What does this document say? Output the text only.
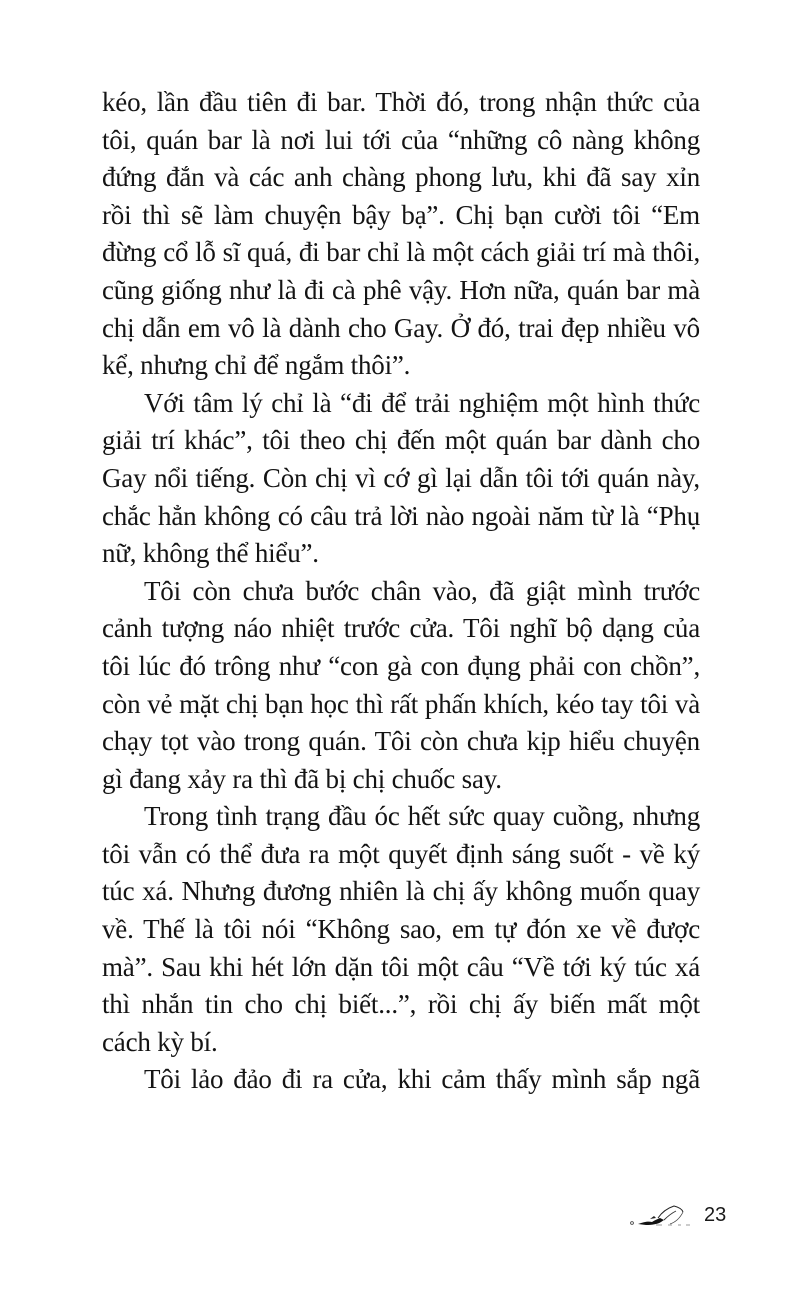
kéo, lần đầu tiên đi bar. Thời đó, trong nhận thức của
tôi, quán bar là nơi lui tới của “những cô nàng không
đứng đắn và các anh chàng phong lưu, khi đã say xỉn
rồi thì sẽ làm chuyện bậy bạ”. Chị bạn cười tôi “Em
đừng cổ lỗ sĩ quá, đi bar chỉ là một cách giải trí mà thôi,
cũng giống như là đi cà phê vậy. Hơn nữa, quán bar mà
chị dẫn em vô là dành cho Gay. Ở đó, trai đẹp nhiều vô
kể, nhưng chỉ để ngắm thôi”.
Với tâm lý chỉ là “đi để trải nghiệm một hình thức
giải trí khác”, tôi theo chị đến một quán bar dành cho
Gay nổi tiếng. Còn chị vì cớ gì lại dẫn tôi tới quán này,
chắc hẳn không có câu trả lời nào ngoài năm từ là “Phụ
nữ, không thể hiểu”.
Tôi còn chưa bước chân vào, đã giật mình trước
cảnh tượng náo nhiệt trước cửa. Tôi nghĩ bộ dạng của
tôi lúc đó trông như “con gà con đụng phải con chồn”,
còn vẻ mặt chị bạn học thì rất phấn khích, kéo tay tôi và
chạy tọt vào trong quán. Tôi còn chưa kịp hiểu chuyện
gì đang xảy ra thì đã bị chị chuốc say.
Trong tình trạng đầu óc hết sức quay cuồng, nhưng
tôi vẫn có thể đưa ra một quyết định sáng suốt - về ký
túc xá. Nhưng đương nhiên là chị ấy không muốn quay
về. Thế là tôi nói “Không sao, em tự đón xe về được
mà”. Sau khi hét lớn dặn tôi một câu “Về tới ký túc xá
thì nhắn tin cho chị biết...”, rồi chị ấy biến mất một
cách kỳ bí.
Tôi lảo đảo đi ra cửa, khi cảm thấy mình sắp ngã
23
